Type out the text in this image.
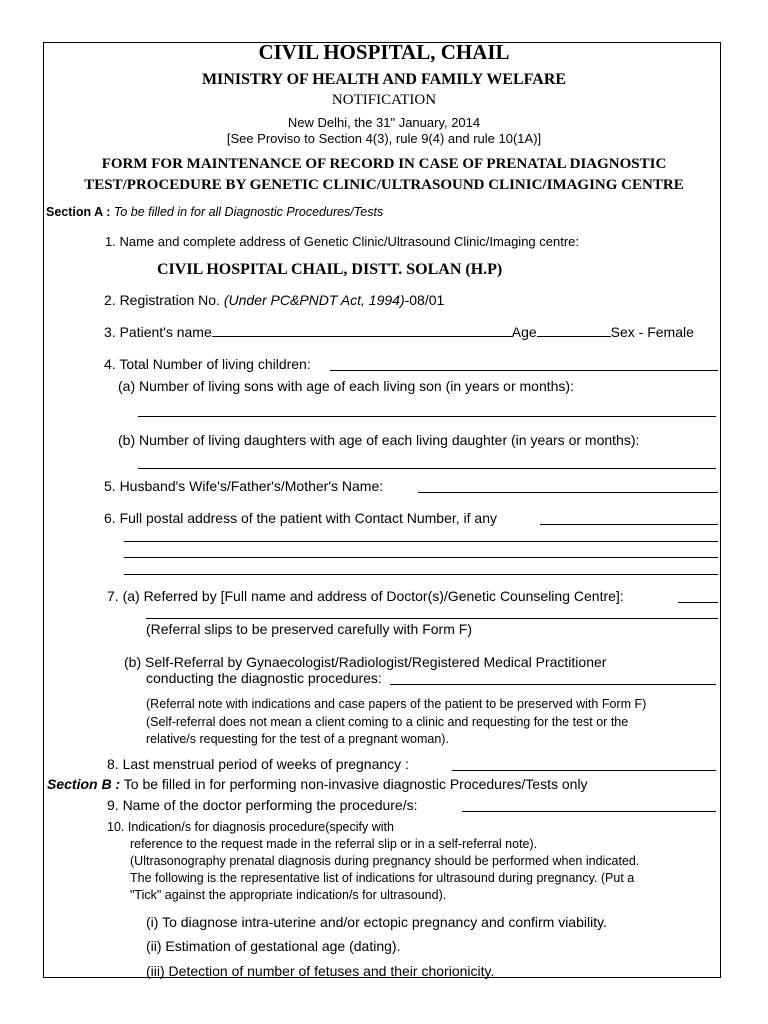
CIVIL HOSPITAL, CHAIL
MINISTRY OF HEALTH AND FAMILY WELFARE
NOTIFICATION
New Delhi, the 31" January, 2014
[See Proviso to Section 4(3), rule 9(4) and rule 10(1A)]
FORM FOR MAINTENANCE OF RECORD IN CASE OF PRENATAL DIAGNOSTIC
TEST/PROCEDURE BY GENETIC CLINIC/ULTRASOUND CLINIC/IMAGING CENTRE
Section A : To be filled in for all Diagnostic Procedures/Tests
1. Name and complete address of Genetic Clinic/Ultrasound Clinic/Imaging centre:
CIVIL HOSPITAL CHAIL, DISTT. SOLAN (H.P)
2. Registration No. (Under PC&PNDT Act, 1994)-08/01
3. Patient's name	Age	Sex - Female
4. Total Number of living children:
(a) Number of living sons with age of each living son (in years or months):
(b) Number of living daughters with age of each living daughter (in years or months):
5. Husband's Wife's/Father's/Mother's Name:
6. Full postal address of the patient with Contact Number, if any
7. (a) Referred by [Full name and address of Doctor(s)/Genetic Counseling Centre]:
(Referral slips to be preserved carefully with Form F)
(b) Self-Referral by Gynaecologist/Radiologist/Registered Medical Practitioner
conducting the diagnostic procedures:
(Referral note with indications and case papers of the patient to be preserved with Form F)
(Self-referral does not mean a client coming to a clinic and requesting for the test or the
relative/s requesting for the test of a pregnant woman).
8. Last menstrual period of weeks of pregnancy :
Section B : To be filled in for performing non-invasive diagnostic Procedures/Tests only
9. Name of the doctor performing the procedure/s:
10. Indication/s for diagnosis procedure(specify with
reference to the request made in the referral slip or in a self-referral note).
(Ultrasonography prenatal diagnosis during pregnancy should be performed when indicated.
The following is the representative list of indications for ultrasound during pregnancy. (Put a
"Tick" against the appropriate indication/s for ultrasound).
(i) To diagnose intra-uterine and/or ectopic pregnancy and confirm viability.
(ii) Estimation of gestational age (dating).
(iii) Detection of number of fetuses and their chorionicity.
